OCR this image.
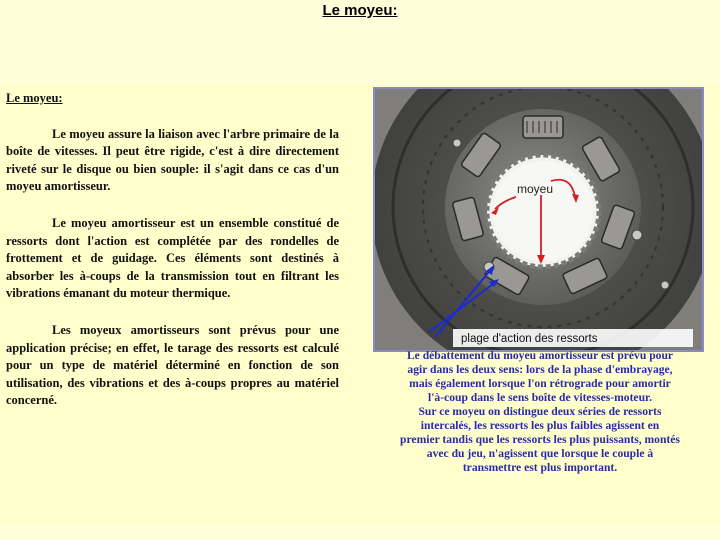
Le moyeu:
Le moyeu:

Le moyeu assure la liaison avec l'arbre primaire de la boîte de vitesses. Il peut être rigide, c'est à dire directement riveté sur le disque ou bien souple: il s'agit dans ce cas d'un moyeu amortisseur.

Le moyeu amortisseur est un ensemble constitué de ressorts dont l'action est complétée par des rondelles de frottement et de guidage. Ces éléments sont destinés à absorber les à-coups de la transmission tout en filtrant les vibrations émanant du moteur thermique.

Les moyeux amortisseurs sont prévus pour une application précise; en effet, le tarage des ressorts est calculé pour un type de matériel déterminé en fonction de son utilisation, des vibrations et des à-coups propres au matériel concerné.

moyeu
plage d'action des ressorts
Le débattement du moyeu amortisseur est prévu pour
agir dans les deux sens: lors de la phase d'embrayage,
mais également lorsque l'on rétrograde pour amortir
l'à-coup dans le sens boîte de vitesses-moteur.
Sur ce moyeu on distingue deux séries de ressorts
intercalés, les ressorts les plus faibles agissent en
premier tandis que les ressorts les plus puissants, montés
avec du jeu, n'agissent que lorsque le couple à
transmettre est plus important.
